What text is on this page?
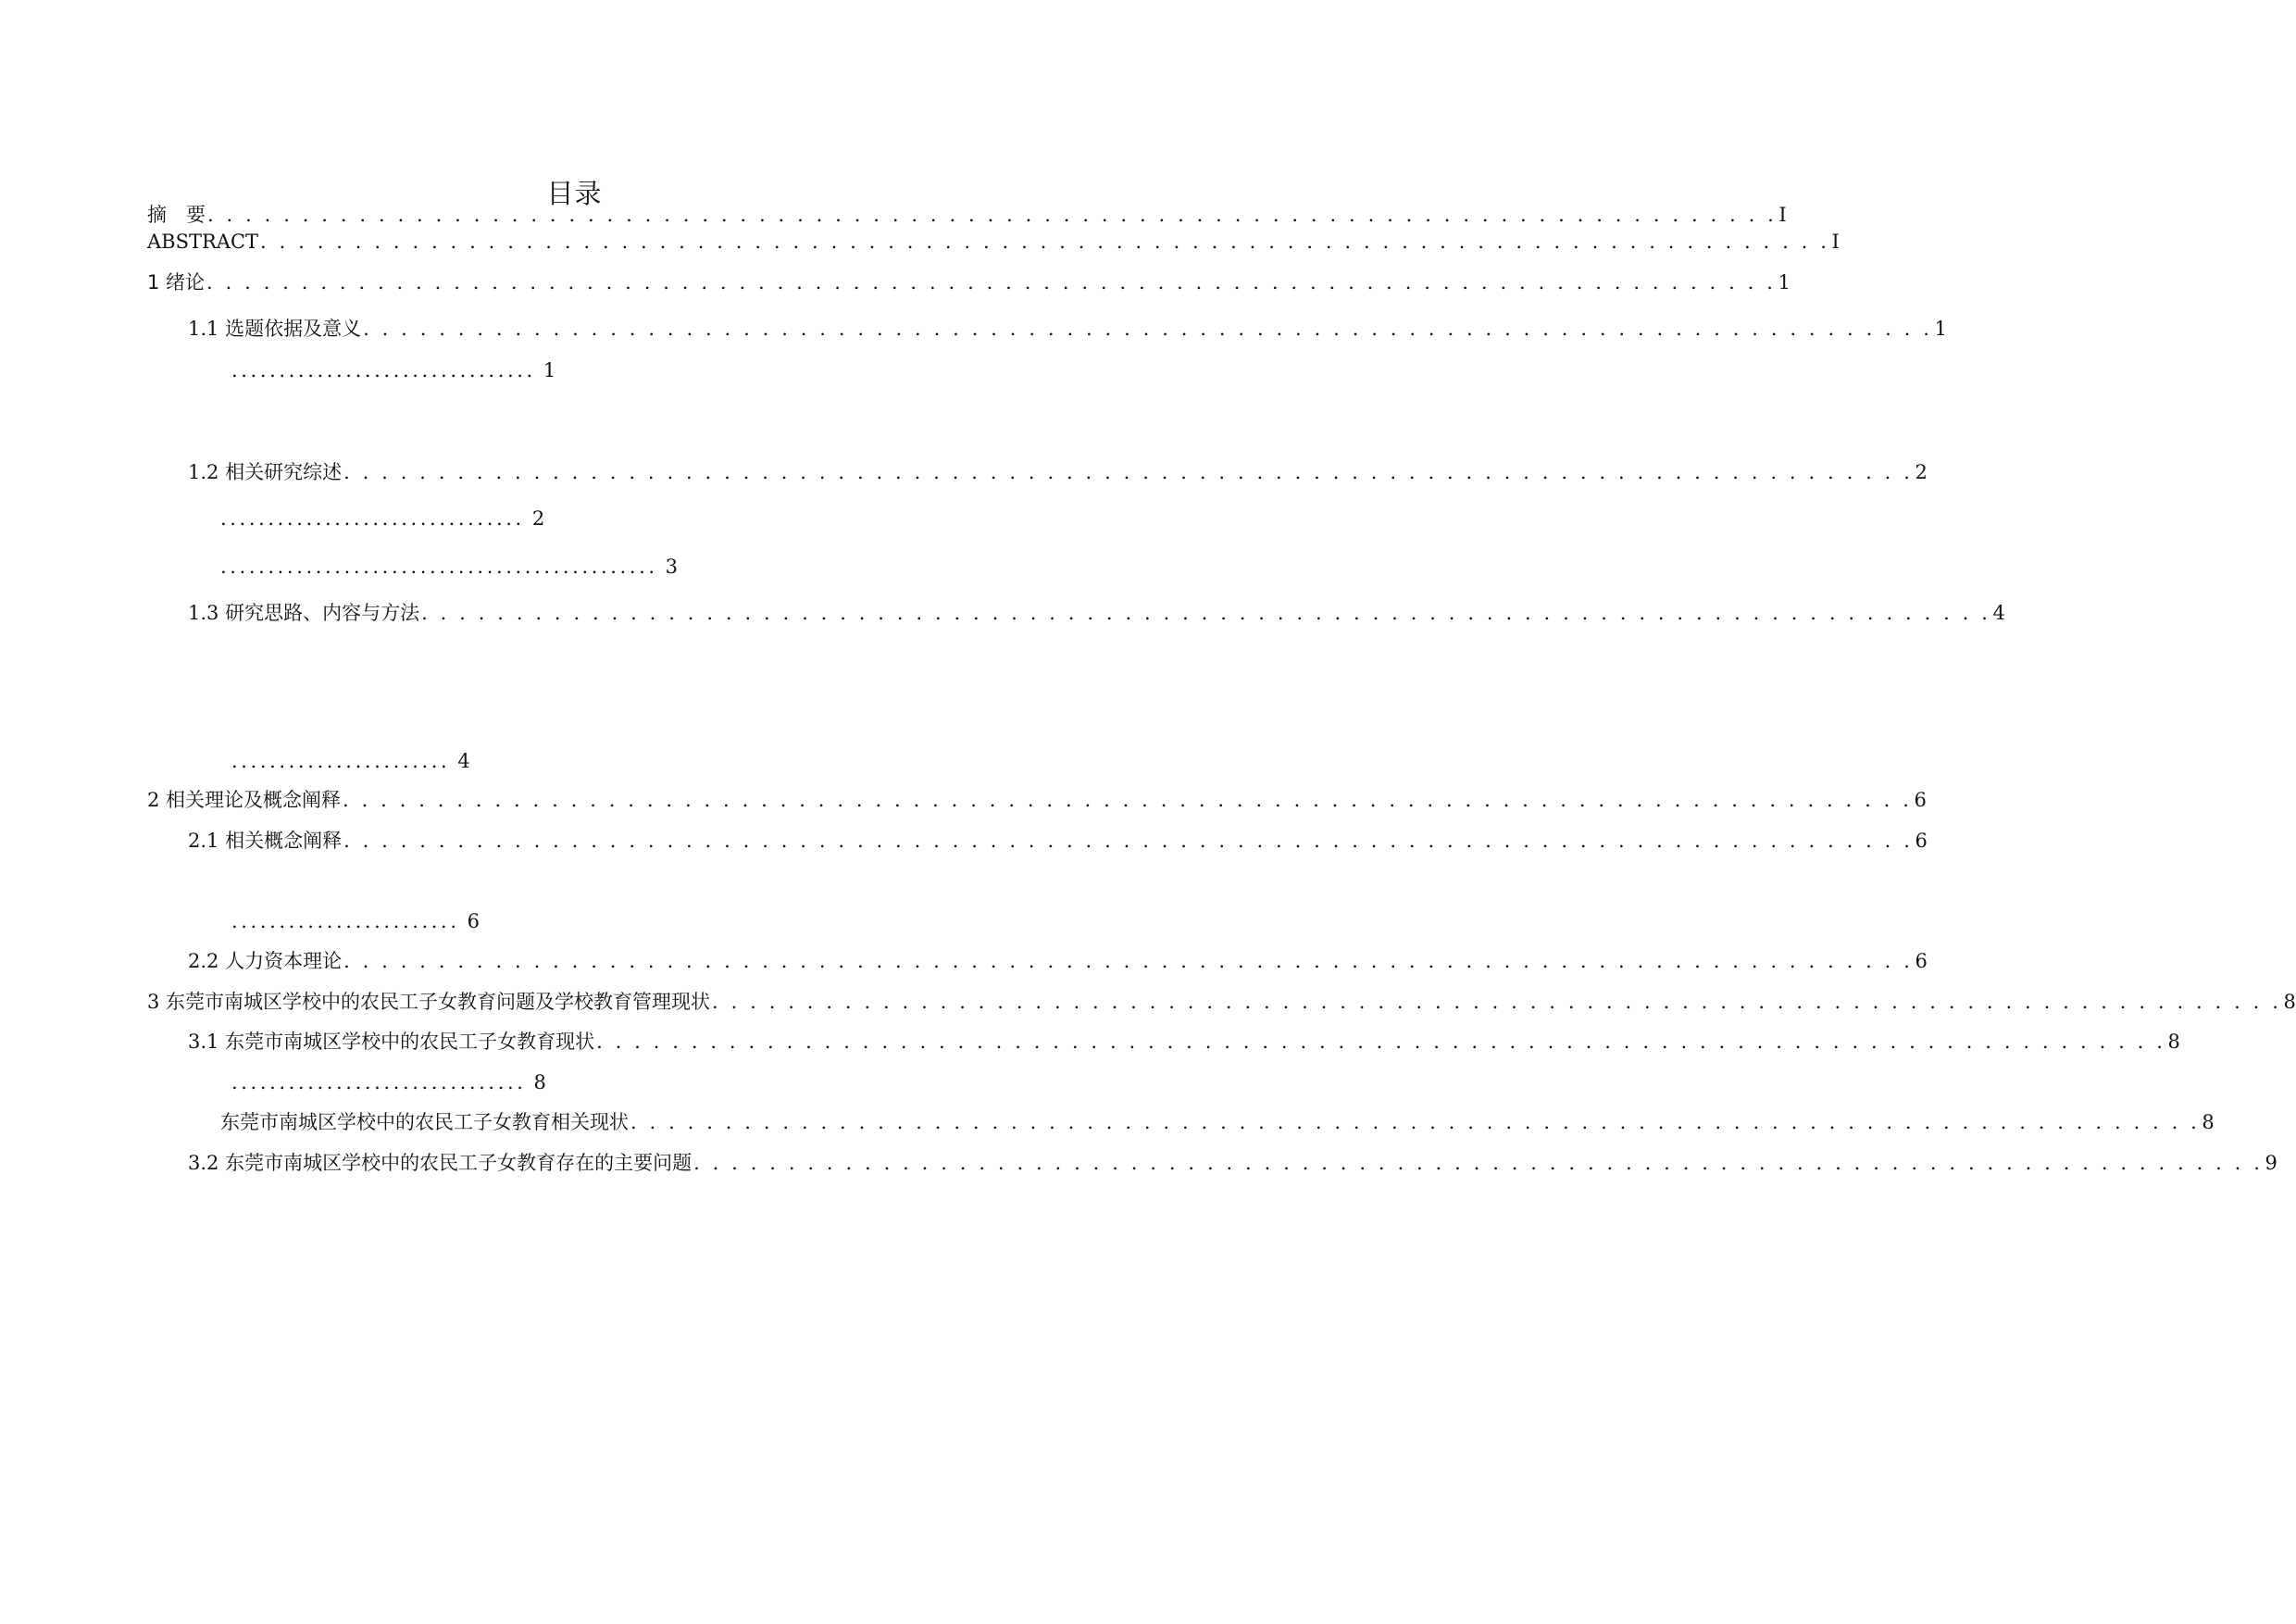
目录
摘　要 . . . . . . . . . . . . . . . . . . . . . . . . . . . . . . . . . . . . . . . . . . . . . . . . . . . . . . . . . . . . . . . . . . . . . . . . . . . . . . . . . . . I
ABSTRACT . . . . . . . . . . . . . . . . . . . . . . . . . . . . . . . . . . . . . . . . . . . . . . . . . . . . . . . . . . . . . . . . . . . . . . . . . . . . . . . . . . . I
1 绪论 . . . . . . . . . . . . . . . . . . . . . . . . . . . . . . . . . . . . . . . . . . . . . . . . . . . . . . . . . . . . . . . . . . . . . . . . . . . . . . . . . . . 1
1.1 选题依据及意义 . . . . . . . . . . . . . . . . . . . . . . . . . . . . . . . . . . . . . . . . . . . . . . . . . . . . . . . . . . . . . . . . . . . . . . . . . . . . . . . . . . . 1
................................ 1
1.2 相关研究综述 . . . . . . . . . . . . . . . . . . . . . . . . . . . . . . . . . . . . . . . . . . . . . . . . . . . . . . . . . . . . . . . . . . . . . . . . . . . . . . . . . . . 2
................................ 2
.............................................. 3
1.3 研究思路、内容与方法 . . . . . . . . . . . . . . . . . . . . . . . . . . . . . . . . . . . . . . . . . . . . . . . . . . . . . . . . . . . . . . . . . . . . . . . . . . . . . . . . . . . 4
....................... 4
2 相关理论及概念阐释 . . . . . . . . . . . . . . . . . . . . . . . . . . . . . . . . . . . . . . . . . . . . . . . . . . . . . . . . . . . . . . . . . . . . . . . . . . . . . . . . . . . 6
2.1 相关概念阐释 . . . . . . . . . . . . . . . . . . . . . . . . . . . . . . . . . . . . . . . . . . . . . . . . . . . . . . . . . . . . . . . . . . . . . . . . . . . . . . . . . . . 6
........................ 6
2.2 人力资本理论 . . . . . . . . . . . . . . . . . . . . . . . . . . . . . . . . . . . . . . . . . . . . . . . . . . . . . . . . . . . . . . . . . . . . . . . . . . . . . . . . . . . 6
3 东莞市南城区学校中的农民工子女教育问题及学校教育管理现状 . . . . . . . . . . . . . . . . . . . . . . . . . . . . . . . . . . . . . . . . . . . . . . . . . . . . . . . . . . . . . . . . . . . . . . . . . . . . . . . . . . . 8
3.1 东莞市南城区学校中的农民工子女教育现状 . . . . . . . . . . . . . . . . . . . . . . . . . . . . . . . . . . . . . . . . . . . . . . . . . . . . . . . . . . . . . . . . . . . . . . . . . . . . . . . . . . . 8
............................... 8
东莞市南城区学校中的农民工子女教育相关现状 . . . . . . . . . . . . . . . . . . . . . . . . . . . . . . . . . . . . . . . . . . . . . . . . . . . . . . . . . . . . . . . . . . . . . . . . . . . . . . . . . . . 8
3.2 东莞市南城区学校中的农民工子女教育存在的主要问题 . . . . . . . . . . . . . . . . . . . . . . . . . . . . . . . . . . . . . . . . . . . . . . . . . . . . . . . . . . . . . . . . . . . . . . . . . . . . . . . . . . . 9
